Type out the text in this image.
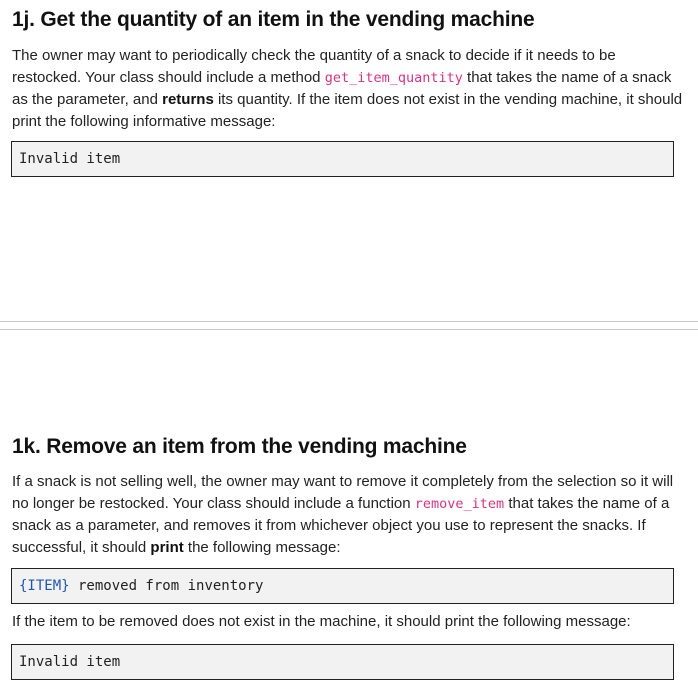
1j. Get the quantity of an item in the vending machine

The owner may want to periodically check the quantity of a snack to decide if it needs to be restocked. Your class should include a method get_item_quantity that takes the name of a snack as the parameter, and returns its quantity. If the item does not exist in the vending machine, it should print the following informative message:

Invalid item
1k. Remove an item from the vending machine

If a snack is not selling well, the owner may want to remove it completely from the selection so it will no longer be restocked. Your class should include a function remove_item that takes the name of a snack as a parameter, and removes it from whichever object you use to represent the snacks. If successful, it should print the following message:

{ITEM} removed from inventory

If the item to be removed does not exist in the machine, it should print the following message:

Invalid item
